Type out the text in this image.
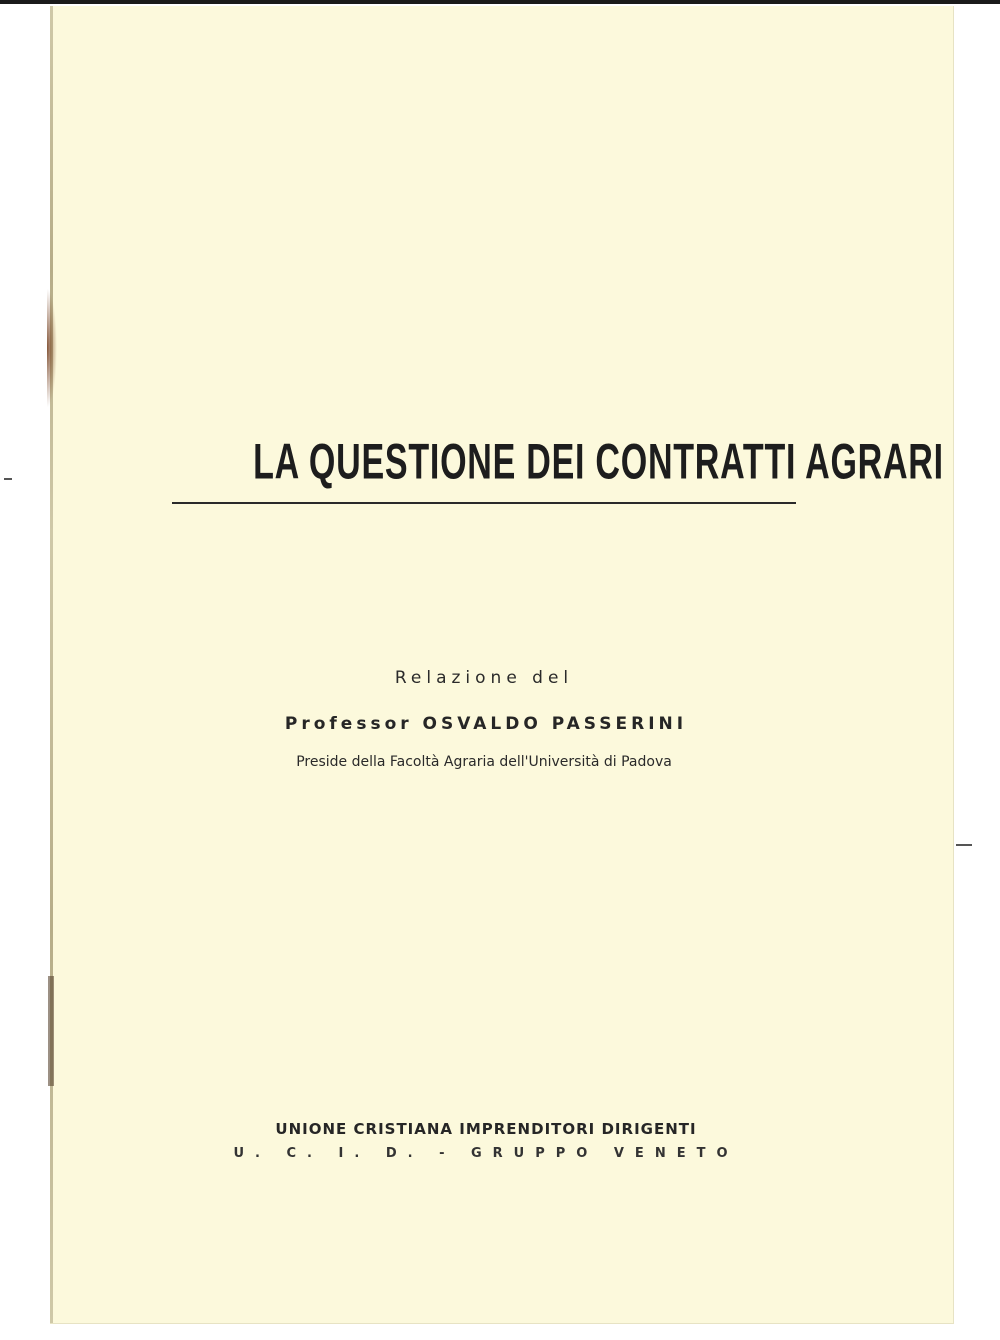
LA QUESTIONE DEI CONTRATTI AGRARI
Relazione del
Professor OSVALDO PASSERINI
Preside della Facoltà Agraria dell'Università di Padova
UNIONE CRISTIANA IMPRENDITORI DIRIGENTI
U. C. I. D. - GRUPPO VENETO
